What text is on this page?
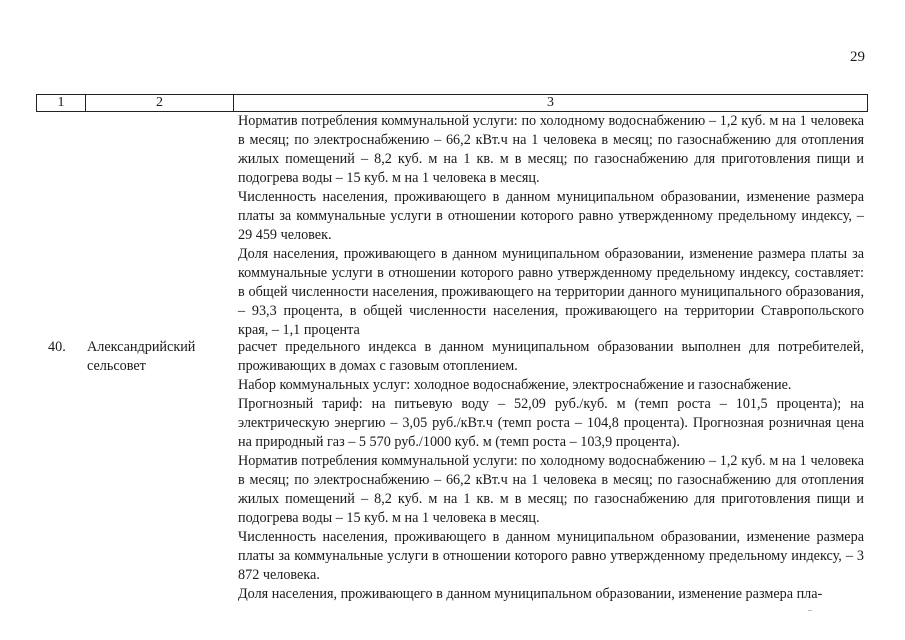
29
1	2	3

Норматив потребления коммунальной услуги: по холодному водоснабжению – 1,2 куб. м на 1 человека в месяц; по электроснабжению – 66,2 кВт.ч на 1 человека в месяц; по газоснабжению для отопления жилых помещений – 8,2 куб. м на 1 кв. м в месяц; по газоснабжению для приготовления пищи и подогрева воды – 15 куб. м на 1 человека в месяц.

Численность населения, проживающего в данном муниципальном образовании, изменение размера платы за коммунальные услуги в отношении которого равно утвержденному предельному индексу, – 29 459 человек.

Доля населения, проживающего в данном муниципальном образовании, изменение размера платы за коммунальные услуги в отношении которого равно утвержденному предельному индексу, составляет: в общей численности населения, проживающего на территории данного муниципального образования, – 93,3 процента, в общей численности населения, проживающего на территории Ставропольского края, – 1,1 процента

40. Александрийский сельсовет

расчет предельного индекса в данном муниципальном образовании выполнен для потребителей, проживающих в домах с газовым отоплением.

Набор коммунальных услуг: холодное водоснабжение, электроснабжение и газоснабжение.

Прогнозный тариф: на питьевую воду – 52,09 руб./куб. м (темп роста – 101,5 процента); на электрическую энергию – 3,05 руб./кВт.ч (темп роста – 104,8 процента). Прогнозная розничная цена на природный газ – 5 570 руб./1000 куб. м (темп роста – 103,9 процента).

Норматив потребления коммунальной услуги: по холодному водоснабжению – 1,2 куб. м на 1 человека в месяц; по электроснабжению – 66,2 кВт.ч на 1 человека в месяц; по газоснабжению для отопления жилых помещений – 8,2 куб. м на 1 кв. м в месяц; по газоснабжению для приготовления пищи и подогрева воды – 15 куб. м на 1 человека в месяц.

Численность населения, проживающего в данном муниципальном образовании, изменение размера платы за коммунальные услуги в отношении которого равно утвержденному предельному индексу, – 3 872 человека.

Доля населения, проживающего в данном муниципальном образовании, изменение размера пла-
